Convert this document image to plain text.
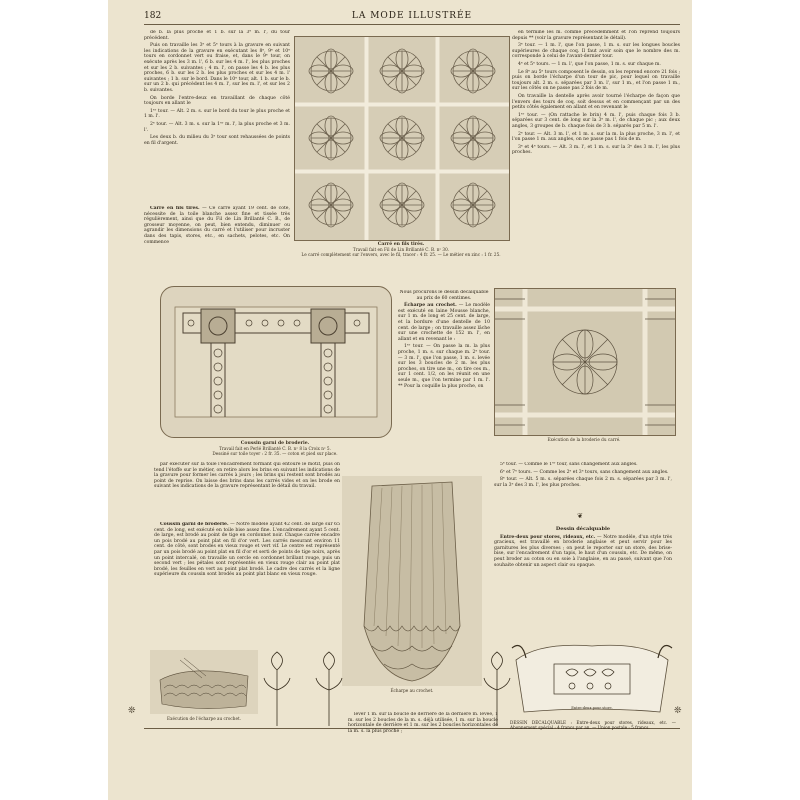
182	LA MODE ILLUSTRÉE

de b. la plus proche et 1 b. sur la 3ᵉ m. l', du tour précédent.

Puis on travaille les 3ᵉ et 5ᵉ tours à la gravure en suivant les indications de la gravure en exécutant les 8ᵉ, 9ᵉ et 10ᵉ tours en cordonnet vert ou fraise, et, dans le 9ᵉ tour, on exécute après les 3 m. l', 6 b. sur les 4 m. l', les plus proches et sur les 2 b. suivantes ; 4 m. l', on passe les 4 b. les plus proches, 6 b. sur les 2 b. les plus proches et sur les 4 m. l' suivantes ; 1 b. sur le bord. Dans le 10ᵉ tour, alt. 1 b. sur le b. sur un 2 b. qui précèdent les 4 m. l', sur les m. l', et sur les 2 b. suivantes.

On borde l'entre-deux en travaillant de chaque côté toujours en allant le

1ᵉʳ tour. — Alt. 2 m. s. sur le bord du tour le plus proche et 1 m. l'.

2ᵉ tour. — Alt. 3 m. s. sur la 1ᵉʳ m. l', la plus proche et 3 m. l'.

Les deux b. du milieu du 3ᵉ tour sont rehaussées de points en fil d'argent.

Carré en fils tirés. — Ce carré ayant 19 cent. de côté, nécessite de la toile blanche assez fine et tissée très régulièrement, ainsi que du Fil de Lin Brillanté C. B., de grosseur moyenne, on peut, bien entendu, diminuer ou agrandir les dimensions du carré et l'utiliser pour incruster dans des tapis, stores, etc., en sachets, pelotes, etc. On commence	Carré en fils tirés.
Travail fait en Fil de Lin Brillanté C. B. nᵒ 30.
Le carré complètement sur l'envers, avec le fil, tracer : 4 fr. 25. — Le métier en zinc : 1 fr. 25.

en termine les m. comme précédemment et l'on reprend toujours depuis ** (voir la gravure représentant le détail).

3ᵉ tour. — 1 m. l', que l'on passe, 1 m. s. sur les longues boucles supérieures de chaque coq. Il faut avoir soin que le nombre des m. corresponde à celui de l'avant-dernier tour.

4ᵉ et 5ᵉ tours. — 1 m. l', que l'on passe, 1 m. s. sur chaque m.

Le 8ᵉ au 5ᵉ tours composent le dessin, on les reprend encore 21 fois ; puis on borde l'écharpe d'un tour de pic, pour lequel on travaille toujours alt. 2 m. s. séparées par 3 m. l', sur 1 m., et l'on passe 1 m., sur les côtés on ne passe pas 2 fois de m.

On travaille la dentelle après avoir tourné l'écharpe de façon que l'envers des tours de coq. soit dessus et en commençant par un des petits côtés également en allant et en revenant le

1ᵉʳ tour. — (On rattache le brin) 4 m. l', puis chaque fois 3 b. séparées sur 3 cent. de long sur la 3ᵉ m. l', de chaque pic ; aux deux angles, 3 groupes de b. chaque fois de 3 b. séparés par 5 m. l'.

2ᵉ tour. — Alt. 3 m. l', et 1 m. s. sur la m. la plus proche, 3 m. l', et l'on passe 1 m. aux angles, on ne passe pas 1 fois de m.

3ᵉ et 4ᵉ tours. — Alt. 3 m. l', et 1 m. s. sur la 3ᵉ des 3 m. l', les plus proches.

Coussin garni de broderie.
Travail fait en Perlé Brillanté C. B. nᵒ 8 la Croix nᵒ 5.
Dessiné sur toile toyer : 2 fr. 35. — coton et pied sur place.

Nous procurons le dessin décalquable au prix de 60 centimes.

Écharpe au crochet. — Le modèle est exécuté en laine Mousse blanche, sur 1 m. de long et 25 cent. de large, et la bordure d'une dentelle de 10 cent. de large ; on travaille assez lâche sur une crochette de 152 m. l', en allant et en revenant le :

1ᵉʳ tour. — On passe la m. la plus proche, 1 m. s. sur chaque m. 2ᵉ tour. — 3 m. l', que l'on passe, 1 m. s. levée sur les 3 boucles de 2 m. les plus proches, on tire une m., on tire ces m., sur 1 cent. 1/2, on les réunit en une seule m., que l'on termine par 1 m. l'. ** Pour la coquille la plus proche, on

Exécution de la broderie du carré.

par exécuter sur la toile l'encadrement formant qui entoure le motif, puis on tend l'étoffe sur le métier, on retire alors les brins en suivant les indications de la gravure pour former les carrés à jours ; les brins qui restent sont brodés au point de reprise. On laisse des brins dans les carrés vides et on les brode en suivant les indications de la gravure représentant le détail du travail.

5ᵉ tour. — Comme le 1ᵉʳ tour, sans changement aux angles.

6ᵉ et 7ᵉ tours. — Comme les 2ᵉ et 3ᵉ tours, sans changement aux angles.

8ᵉ tour. — Alt. 5 m. s. séparées chaque fois 2 m. s. séparées par 3 m. l', sur la 3ᵉ des 3 m. l', les plus proches.

Coussin garni de broderie. — Notre modèle ayant 42 cent. de large sur 65 cent. de long, est exécuté en toile bise assez fine. L'encadrement ayant 5 cent. de large, est brodé au point de tige en cordonnet noir. Chaque carrée encadre un pois brodé au point plat en fil d'or vert. Les carrés mesurant environ 11 cent. de côté, sont brodés en vieux rouge et vert vif. Le centre est représenté par un pois brodé au point plat en fil d'or et serti de points de tige noirs, après un point intercalé, on travaille un cercle en cordonnet brillant rouge, puis un second vert ; les pétales sont représentés en vieux rouge clair au point plat brodé, les feuilles en vert au point plat brodé. Le cadre des carrés et la ligne supérieure du coussin sont brodés au point plat blanc en vieux rouge.

Écharpe au crochet.
❦
Dessin décalquable

Entre-deux pour stores, rideaux, etc. — Notre modèle, d'un style très gracieux, est travaillé en broderie anglaise et peut servir pour les garnitures les plus diverses ; on peut le reporter sur un store, des brise-bise, sur l'encadrement d'un tapis, le haut d'un coussin, etc. De même, on peut broder au coton ou en soie à l'anglaise, en au passé, suivant que l'on souhaite obtenir un aspect clair ou opaque.

Exécution de l'écharpe au crochet.
Entre-deux pour store.

lever 1 m. sur la boucle de derrière de la dernière m. levée, 1 m. sur les 2 boucles de la m. s. déjà utilisée, 1 m. sur la boucle horizontale de derrière et 1 m. sur les 2 boucles horizontales de la m. s. la plus proche ;

DESSIN DÉCALQUABLE : Entre-deux pour stores, rideaux, etc. — Abonnement spécial : 4 francs par an. — Union postale : 5 francs.

❊	❊
